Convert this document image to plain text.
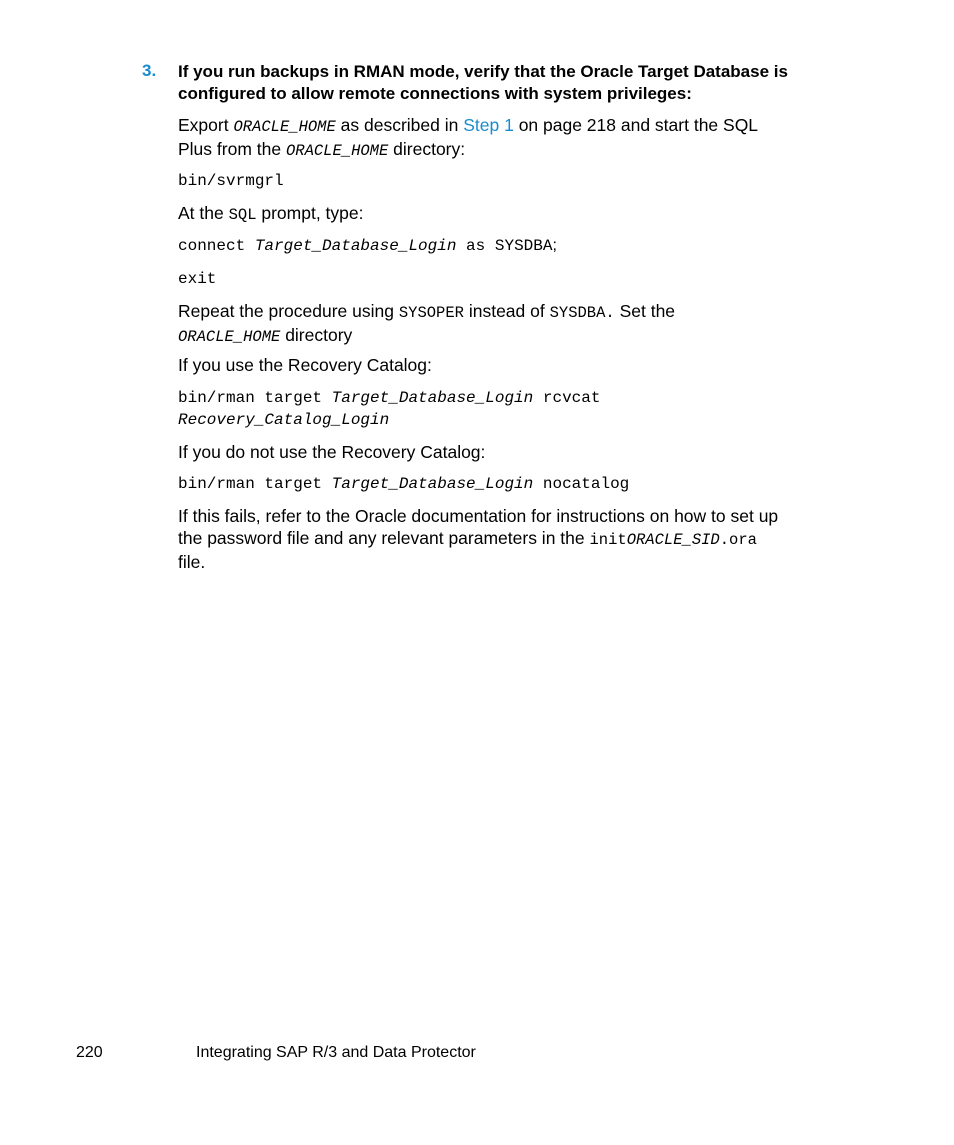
3. If you run backups in RMAN mode, verify that the Oracle Target Database is
configured to allow remote connections with system privileges:
Export ORACLE_HOME as described in Step 1 on page 218 and start the SQL
Plus from the ORACLE_HOME directory:
bin/svrmgrl
At the SQL prompt, type:
connect Target_Database_Login as SYSDBA;
exit
Repeat the procedure using SYSOPER instead of SYSDBA. Set the
ORACLE_HOME directory
If you use the Recovery Catalog:
bin/rman target Target_Database_Login rcvcat
Recovery_Catalog_Login
If you do not use the Recovery Catalog:
bin/rman target Target_Database_Login nocatalog
If this fails, refer to the Oracle documentation for instructions on how to set up
the password file and any relevant parameters in the initORACLE_SID.ora
file.
220	Integrating SAP R/3 and Data Protector
